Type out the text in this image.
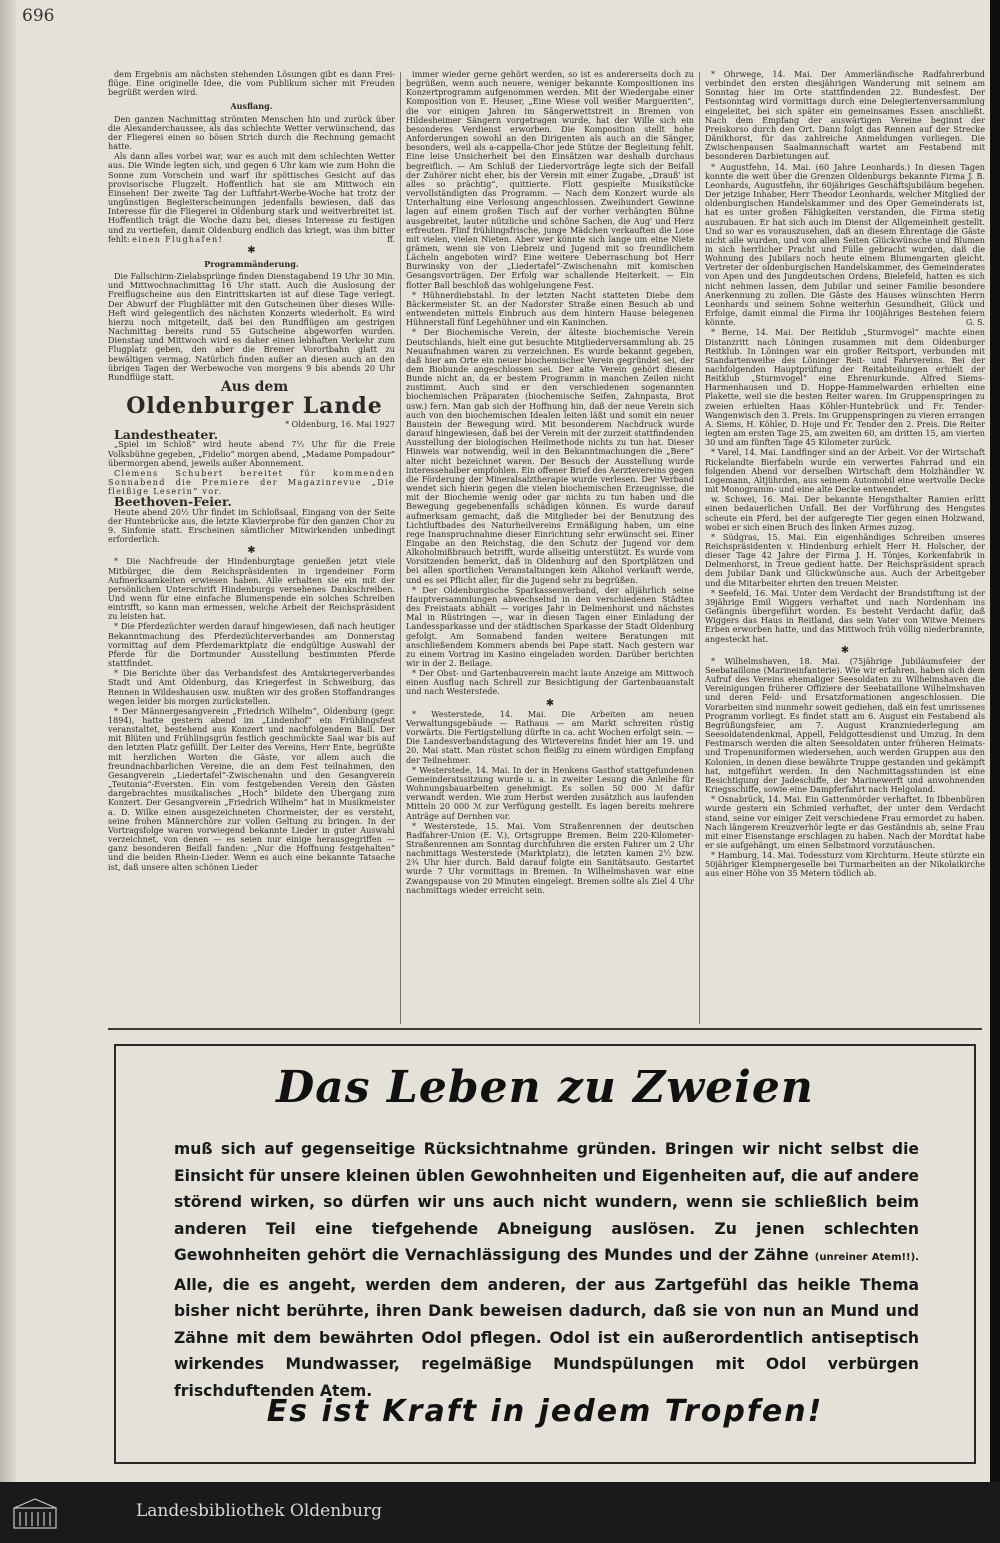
696

dem Ergebnis am nächsten stehenden Lösungen gibt es dann Frei-flüge. Eine originelle Idee, die vom Publikum sicher mit Freuden begrüßt werden wird.

Ausflang.

Den ganzen Nachmittag strömten Menschen hin und zurück über die Alexanderchaussee, als das schlechte Wetter verwünschend, das der Fliegerei einen so bösen Strich durch die Rechnung gemacht hatte.

Als dann alles vorbei war, war es auch mit dem schlechten Wetter aus. Die Winde legten sich, und gegen 6 Uhr kam wie zum Hohn die Sonne zum Vorschein und warf ihr spöttisches Gesicht auf das provisorische Flugzelt. Hoffentlich hat sie am Mittwoch ein Einsehen! Der zweite Tag der Luftfahrt-Werbe-Woche hat trotz der ungünstigen Begleiterscheinungen jedenfalls bewiesen, daß das Interesse für die Fliegerei in Oldenburg stark und weitverbreitet ist. Hoffentlich trägt die Woche dazu bei, dieses Interesse zu festigen und zu vertiefen, damit Oldenburg endlich das kriegt, was ihm bitter fehlt: einen Flughafen!	ff.

✱

Programmänderung.

Die Fallschirm-Zielabsprünge finden Dienstagabend 19 Uhr 30 Min. und Mittwochnachmittag 16 Uhr statt. Auch die Auslosung der Freiflugscheine aus den Eintrittskarten ist auf diese Tage verlegt. Der Abwurf der Flugblätter mit den Gutscheinen über dieses Wille-Heft wird gelegentlich des nächsten Konzerts wiederholt. Es wird hierzu noch mitgeteilt, daß bei den Rundflügen am gestrigen Nachmittag bereits rund 55 Gutscheine abgeworfen wurden. Dienstag und Mittwoch wird es daher einen lebhaften Verkehr zum Flugplatz geben, den aber die Bremer Vorortbahn glatt zu bewältigen vermag. Natürlich finden außer an diesen auch an den übrigen Tagen der Werbewoche von morgens 9 bis abends 20 Uhr Rundflüge statt.

Aus dem

Oldenburger Lande

* Oldenburg, 16. Mai 1927

Landestheater.

„Spiel im Schloß“ wird heute abend 7½ Uhr für die Freie Volksbühne gegeben, „Fidelio“ morgen abend, „Madame Pompadour“ übermorgen abend, jeweils außer Abonnement.

Clemens Schubert bereitet für kommenden Sonnabend die Premiere der Magazinrevue „Die fleißige Leserin“ vor.

Beethoven-Feier.

Heute abend 20½ Uhr findet im Schloßsaal, Eingang von der Seite der Huntebrücke aus, die letzte Klavierprobe für den ganzen Chor zu 9. Sinfonie statt. Erscheinen sämtlicher Mitwirkenden unbedingt erforderlich.

✱

* Die Nachfreude der Hindenburgtage genießen jetzt viele Mitbürger, die dem Reichspräsidenten in irgendeiner Form Aufmerksamkeiten erwiesen haben. Alle erhalten sie ein mit der persönlichen Unterschrift Hindenburgs versehenes Dankschreiben. Und wenn für eine einfache Blumenspende ein solches Schreiben eintrifft, so kann man ermessen, welche Arbeit der Reichspräsident zu leisten hat.

* Die Pferdezüchter werden darauf hingewiesen, daß nach heutiger Bekanntmachung des Pferdezüchterverbandes am Donnerstag vormittag auf dem Pferdemarktplatz die endgültige Auswahl der Pferde für die Dortmunder Ausstellung bestimmten Pferde stattfindet.

* Die Berichte über das Verbandsfest des Amtskriegerverbandes Stadt und Amt Oldenburg, das Kriegerfest in Schweiburg, das Rennen in Wildeshausen usw. mußten wir des großen Stoffandranges wegen leider bis morgen zurückstellen.

* Der Männergesangverein „Friedrich Wilhelm“, Oldenburg (gegr. 1894), hatte gestern abend im „Lindenhof“ ein Frühlingsfest veranstaltet, bestehend aus Konzert und nachfolgendem Ball. Der mit Blüten und Frühlingsgrün festlich geschmückte Saal war bis auf den letzten Platz gefüllt. Der Leiter des Vereins, Herr Ente, begrüßte mit herzlichen Worten die Gäste, vor allem auch die freundnachbarlichen Vereine, die an dem Fest teilnahmen, den Gesangverein „Liedertafel“-Zwischenahn und den Gesangverein „Teutonia“-Eversten. Ein vom festgebenden Verein den Gästen dargebrachtes musikalisches „Hoch“ bildete den Übergang zum Konzert. Der Gesangverein „Friedrich Wilhelm“ hat in Musikmeister a. D. Wilke einen ausgezeichneten Chormeister, der es versteht, seine frohen Männerchöre zur vollen Geltung zu bringen. In der Vortragsfolge waren vorwiegend bekannte Lieder in guter Auswahl verzeichnet, von denen — es seien nur einige herausgegriffen — ganz besonderen Beifall fanden: „Nur die Hoffnung festgehalten“ und die beiden Rhein-Lieder. Wenn es auch eine bekannte Tatsache ist, daß unsere alten schönen Lieder

immer wieder gerne gehört werden, so ist es andererseits doch zu begrüßen, wenn auch neuere, weniger bekannte Kompositionen ins Konzertprogramm aufgenommen werden. Mit der Wiedergabe einer Komposition von E. Heuser, „Eine Wiese voll weißer Margueriten“, die vor einigen Jahren im Sängerwettstreit in Bremen von Hildesheimer Sängern vorgetragen wurde, hat der Wille sich ein besonderes Verdienst erworben. Die Komposition stellt hohe Anforderungen sowohl an den Dirigenten als auch an die Sänger, besonders, weil als a-cappella-Chor jede Stütze der Begleitung fehlt. Eine leise Unsicherheit bei den Einsätzen war deshalb durchaus begreiflich. — Am Schluß der Liedervorträge legte sich der Beifall der Zuhörer nicht eher, bis der Verein mit einer Zugabe, „Drauß' ist alles so prächtig“, quittierte. Flott gespielte Musikstücke vervollständigten das Programm. — Nach dem Konzert wurde als Unterhaltung eine Verlosung angeschlossen. Zweihundert Gewinne lagen auf einem großen Tisch auf der vorher verhängten Bühne ausgebreitet, lauter nützliche und schöne Sachen, die Aug' und Herz erfreuten. Flinf frühlingsfrische, junge Mädchen verkauften die Lose mit vielen, vielen Nieten. Aber wer könnte sich lange um eine Niete grämen, wenn sie von Liebreiz und Jugend mit so freundlichem Lächeln angeboten wird? Eine weitere Ueberraschung bot Herr Burwinsky von der „Liedertafel“-Zwischenahn mit komischen Gesangsvorträgen. Der Erfolg war schallende Heiterkeit. — Ein flotter Ball beschloß das wohlgelungene Fest.

* Hühnerdiebstahl. In der letzten Nacht statteten Diebe dem Bäckermeister St. an der Nadorster Straße einen Besuch ab und entwendeten mittels Einbruch aus dem hintern Hause belegenen Hühnerstall fünf Legehühner und ein Kaninchen.

* Der Biochemische Verein, der älteste biochemische Verein Deutschlands, hielt eine gut besuchte Mitgliederversammlung ab. 25 Neuaufnahmen waren zu verzeichnen. Es wurde bekannt gegeben, daß hier am Orte ein neuer biochemischer Verein gegründet sei, der dem Biobunde angeschlossen sei. Der alte Verein gehört diesem Bunde nicht an, da er bestem Programm in manchen Zeilen nicht zustimmt. Auch sind er den verschiedenen sogenannten biochemischen Präparaten (biochemische Seifen, Zahnpasta, Brot usw.) fern. Man gab sich der Hoffnung hin, daß der neue Verein sich auch von den biochemischen Idealen leiten läßt und somit ein neuer Baustein der Bewegung wird. Mit besonderem Nachdruck wurde darauf hingewiesen, daß bei der Verein mit der zurzeit stattfindenden Ausstellung der biologischen Heilmethode nichts zu tun hat. Dieser Hinweis war notwendig, weil in den Bekanntmachungen die „Bere“ alter nicht bezeichnet waren. Der Besuch der Ausstellung wurde interessehalber empfohlen. Ein offener Brief des Aerztevereins gegen die Förderung der Mineralsalztherapie wurde verlesen. Der Verband wendet sich hierin gegen die vielen biochemischen Erzeugnisse, die mit der Biochemie wenig oder gar nichts zu tun haben und die Bewegung gegebenenfalls schädigen können. Es wurde darauf aufmerksam gemacht, daß die Mitglieder bei der Benutzung des Lichtluftbades des Naturheilvereins Ermäßigung haben, um eine rege Inanspruchnahme dieser Einrichtung sehr erwünscht sei. Einer Eingabe an den Reichstag, die den Schutz der Jugend vor dem Alkoholmißbrauch betrifft, wurde allseitig unterstützt. Es wurde vom Vorsitzenden bemerkt, daß in Oldenburg auf den Sportplätzen und bei allen sportlichen Veranstaltungen kein Alkohol verkauft werde, und es sei Pflicht aller, für die Jugend sehr zu begrüßen.

* Der Oldenburgische Sparkassenverband, der alljährlich seine Hauptversammlungen abwechselnd in den verschiedenen Städten des Freistaats abhält — voriges Jahr in Delmenhorst und nächstes Mal in Rüstringen —, war in diesen Tagen einer Einladung der Landessparkasse und der städtischen Sparkasse der Stadt Oldenburg gefolgt. Am Sonnabend fanden weitere Beratungen mit anschließendem Kommers abends bei Pape statt. Nach gestern war zu einem Vortrag im Kasino eingeladen worden. Darüber berichten wir in der 2. Beilage.

* Der Obst- und Gartenbauverein macht laute Anzeige am Mittwoch einen Ausflug nach Schrell zur Besichtigung der Gartenbauanstalt und nach Westerstede.

✱

* Westerstede, 14. Mai. Die Arbeiten am neuen Verwaltungsgebäude — Rathaus — am Markt schreiten rüstig vorwärts. Die Fertigstellung dürfte in ca. acht Wochen erfolgt sein. — Die Landesverbandstagung des Wirtevereins findet hier am 19. und 20. Mai statt. Man rüstet schon fleißig zu einem würdigen Empfang der Teilnehmer.

* Westerstede, 14. Mai. In der in Henkens Gasthof stattgefundenen Gemeinderatssitzung wurde u. a. in zweiter Lesung die Anleihe für Wohnungsbauarbeiten genehmigt. Es sollen 50 000 ℳ dafür verwandt werden. Wie zum Herbst werden zusätzlich aus laufenden Mitteln 20 000 ℳ zur Verfügung gestellt. Es lagen bereits mehrere Anträge auf Dernhen vor.

* Westerstede, 15. Mai. Vom Straßenrennen der deutschen Radfahrer-Union (E. V.), Ortsgruppe Bremen. Beim 220-Kilometer-Straßenrennen am Sonntag durchfuhren die ersten Fahrer um 2 Uhr nachmittags Westerstede (Marktplatz), die letzten kamen 2½ bzw. 2¾ Uhr hier durch. Bald darauf folgte ein Sanitätsauto. Gestartet wurde 7 Uhr vormittags in Bremen. In Wilhelmshaven war eine Zwangspause von 20 Minuten eingelegt. Bremen sollte als Ziel 4 Uhr nachmittags wieder erreicht sein.

* Ohrwege, 14. Mai. Der Ammerländische Radfahrerbund verbindet den ersten diesjährigen Wanderung mit seinem am Sonntag hier im Orte stattfindenden 22. Bundesfest. Der Festsonntag wird vormittags durch eine Delegiertenversammlung eingeleitet, bei sich später ein gemeinsames Essen anschließt. Nach dem Empfang der auswärtigen Vereine beginnt der Preiskorso durch den Ort. Dann folgt das Rennen auf der Strecke Dänikhorst, für das zahlreiche Anmeldungen vorliegen. Die Zwischenpausen Saalmannschaft wartet am Festabend mit besonderen Darbietungen auf.

* Augustfehn, 14. Mai. (60 Jahre Leonhards.) In diesen Tagen konnte die weit über die Grenzen Oldenburgs bekannte Firma J. B. Leonhards, Augustfehn, ihr 60jähriges Geschäftsjubiläum begehen. Der jetzige Inhaber, Herr Theodor Leonhards, welcher Mitglied der oldenburgischen Handelskammer und des Oper Gemeinderats ist, hat es unter großen Fähigkeiten verstanden, die Firma stetig auszubauen. Er hat sich auch im Dienst der Allgemeinheit gestellt. Und so war es vorauszusehen, daß an diesem Ehrentage die Gäste nicht alle wurden, und von allen Seiten Glückwünsche und Blumen in sich herrlicher Pracht und Fülle gebracht wurden, daß die Wohnung des Jubilars noch heute einem Blumengarten gleicht. Vertreter der oldenburgischen Handelskammer, des Gemeinderates von Apen und des Jungdeutschen Ordens, Bielefeld, hatten es sich nicht nehmen lassen, dem Jubilar und seiner Familie besondere Anerkennung zu zollen. Die Gäste des Hauses wünschten Herrn Leonhards und seinem Sohne weiterhin Gesundheit, Glück und Erfolge, damit einmal die Firma ihr 100jähriges Bestehen feiern könnte.	G. S.

* Berne, 14. Mai. Der Reitklub „Sturmvogel“ machte einen Distanzritt nach Löningen zusammen mit dem Oldenburger Reitklub. In Löningen war ein großer Reitsport, verbunden mit Standartenweihe des Löninger Reit- und Fahrvereins. Bei der nachfolgenden Hauptprüfung der Reitabteilungen erhielt der Reitklub „Sturmvogel“ eine Ehrenurkunde. Alfred Siems-Harmenhausen und D. Hoppe-Hammelwarden erhielten eine Plakette, weil sie die besten Reiter waren. Im Gruppenspringen zu zweien erhielten Haas Köhler-Huntebrück und Fr. Tender-Wangenwisch den 3. Preis. Im Gruppenspringen zu vieren errangen A. Siems, H. Köhler, D. Hoje und Fr. Tender den 2. Preis. Die Reiter legten am ersten Tage 25, am zweiten 60, am dritten 15, am vierten 30 und am fünften Tage 45 Kilometer zurück.

* Varel, 14. Mai. Landfinger sind an der Arbeit. Vor der Wirtschaft Rickelandte Bierfabeln wurde ein verwertes Fahrrad und ein folgenden Abend vor derselben Wirtschaft dem Holzhändler W. Logemann, Altjührden, aus seinem Automobil eine wertvolle Decke mit Monogramm- und eine alte Decke entwendet.

w. Schwei, 16. Mai. Der bekannte Hengsthalter Ramien erlitt einen bedauerlichen Unfall. Bei der Vorführung des Hengstes scheute ein Pferd, bei der aufgeregte Tier gegen einen Holzwand, wobei er sich einen Bruch des linken Armes zuzog.

* Südgras, 15. Mai. Ein eigenhändiges Schreiben unseres Reichspräsidenten v. Hindenburg erhielt Herr H. Holscher, der dieser Tage 42 Jahre der Firma J. H. Tönjes, Korkenfabrik in Delmenhorst, in Treue gedient hatte. Der Reichspräsident sprach dem Jubilar Dank und Glückwünsche aus. Auch der Arbeitgeber und die Mitarbeiter ehrten den treuen Meister.

* Seefeld, 16. Mai. Unter dem Verdacht der Brandstiftung ist der 39jährige Emil Wiggers verhaftet und nach Nordenham ins Gefängnis übergeführt worden. Es besteht Verdacht dafür, daß Wiggers das Haus in Reitland, das sein Vater von Witwe Meiners Erben erworben hatte, und das Mittwoch früh völlig niederbrannte, angesteckt hat.

✱

* Wilhelmshaven, 18. Mai. (75jährige Jubiläumsfeier der Seebataillone (Marineinfanterie). Wie wir erfahren, haben sich dem Aufruf des Vereins ehemaliger Seesoldaten zu Wilhelmshaven die Vereinigungen früherer Offiziere der Seebataillone Wilhelmshaven und deren Feld- und Ersatzformationen angeschlossen. Die Vorarbeiten sind nunmehr soweit gediehen, daß ein fest umrissenes Programm vorliegt. Es findet statt am 6. August ein Festabend als Begrüßungsfeier, am 7. August Kranzniederlegung am Seesoldatendenkmal, Appell, Feldgottesdienst und Umzug. In dem Festmarsch werden die alten Seesoldaten unter früheren Heimats- und Tropenuniformen wiedersehen, auch werden Gruppen aus den Kolonien, in denen diese bewährte Truppe gestanden und gekämpft hat, mitgeführt werden. In den Nachmittagsstunden ist eine Besichtigung der Jadeschiffe, der Marinewerft und anwohnenden Kriegsschiffe, sowie eine Dampferfahrt nach Helgoland.

* Osnabrück, 14. Mai. Ein Gattenmörder verhaftet. In Ibbenbüren wurde gestern ein Schmied verhaftet, der unter dem Verdacht stand, seine vor einiger Zeit verschiedene Frau ermordet zu haben. Nach längerem Kreuzverhör legte er das Geständnis ab, seine Frau mit einer Eisenstange erschlagen zu haben. Nach der Mordtat habe er sie aufgehängt, um einen Selbstmord vorzutäuschen.

* Hamburg, 14. Mai. Todessturz vom Kirchturm. Heute stürzte ein 50jähriger Klempnergeselle bei Turmarbeiten an der Nikolaikirche aus einer Höhe von 35 Metern tödlich ab.

Das Leben zu Zweien
muß sich auf gegenseitige Rücksichtnahme gründen. Bringen wir nicht selbst die Einsicht für unsere kleinen üblen Gewohnheiten und Eigenheiten auf, die auf andere störend wirken, so dürfen wir uns auch nicht wundern, wenn sie schließlich beim anderen Teil eine tiefgehende Abneigung auslösen. Zu jenen schlechten Gewohnheiten gehört die Vernachlässigung des Mundes und der Zähne (unreiner Atem!!). Alle, die es angeht, werden dem anderen, der aus Zartgefühl das heikle Thema bisher nicht berührte, ihren Dank beweisen dadurch, daß sie von nun an Mund und Zähne mit dem bewährten Odol pflegen. Odol ist ein außerordentlich antiseptisch wirkendes Mundwasser, regelmäßige Mundspülungen mit Odol verbürgen frischduftenden Atem.
Es ist Kraft in jedem Tropfen!
Landesbibliothek Oldenburg
